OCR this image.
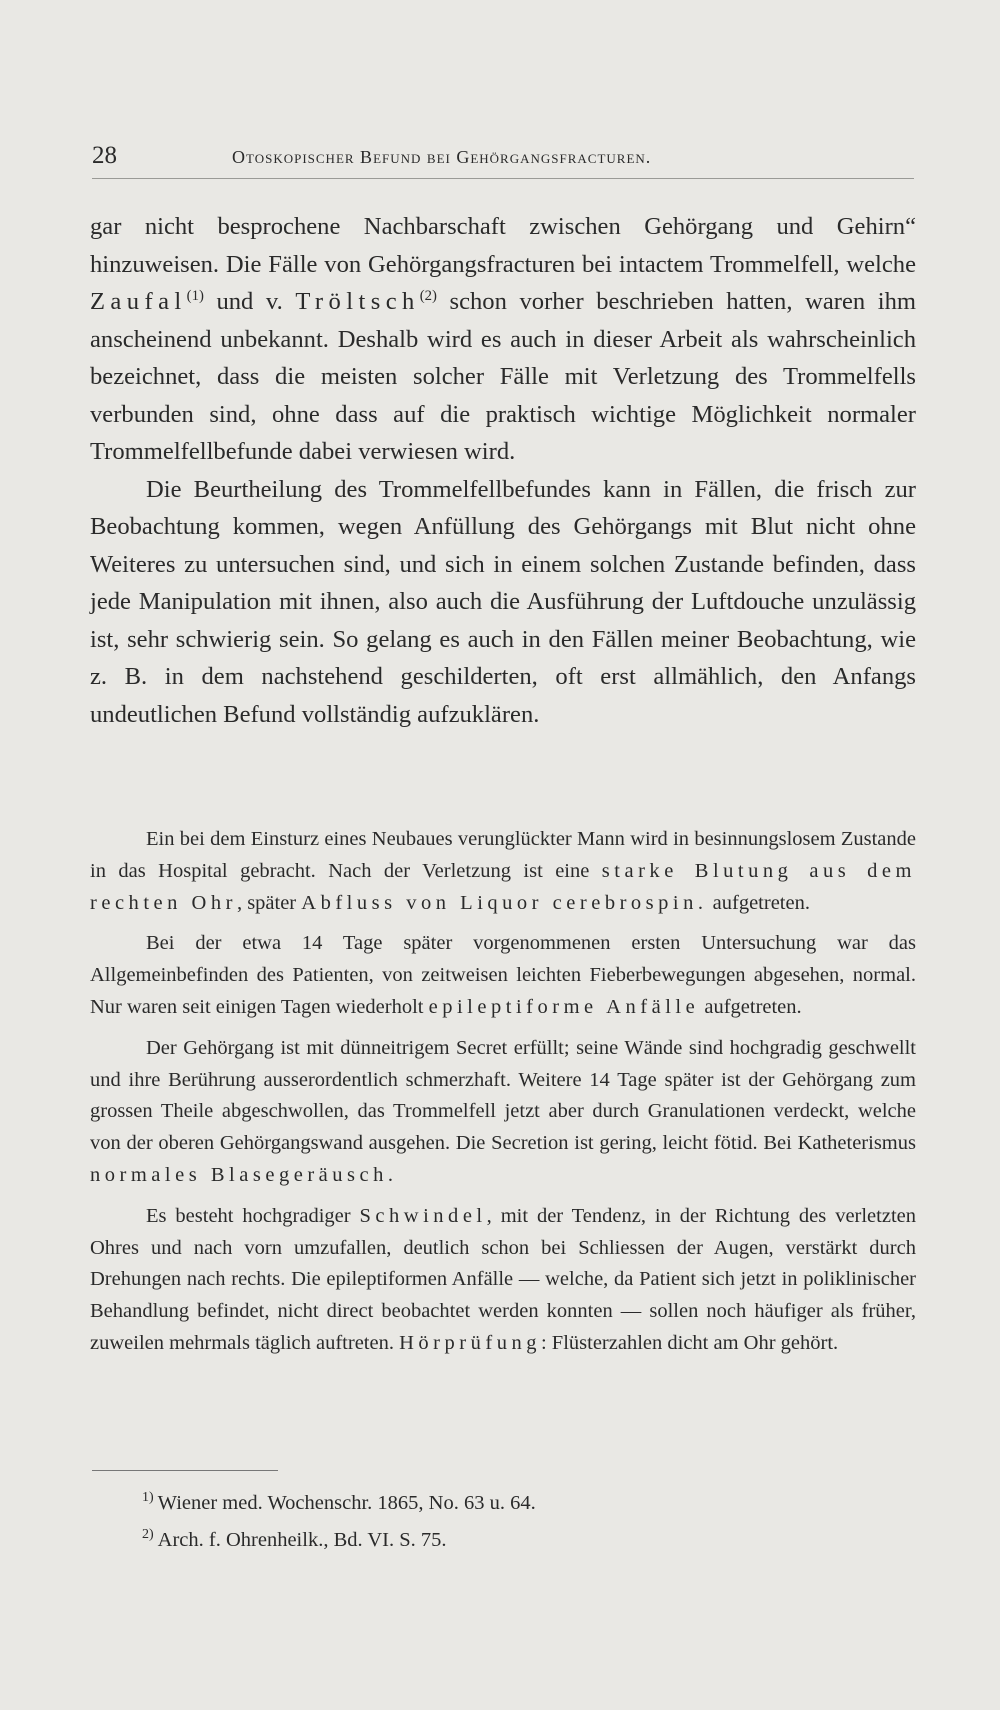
28	Otoskopischer Befund bei Gehörgangsfracturen.

gar nicht besprochene Nachbarschaft zwischen Gehörgang und Gehirn“ hinzuweisen. Die Fälle von Gehörgangsfracturen bei intactem Trommelfell, welche Zaufal$^{(1)}$ und v. Tröltsch$^{(2)}$ schon vorher beschrieben hatten, waren ihm anscheinend unbekannt. Deshalb wird es auch in dieser Arbeit als wahrscheinlich bezeichnet, dass die meisten solcher Fälle mit Verletzung des Trommelfells verbunden sind, ohne dass auf die praktisch wichtige Möglichkeit normaler Trommelfellbefunde dabei verwiesen wird.

Die Beurtheilung des Trommelfellbefundes kann in Fällen, die frisch zur Beobachtung kommen, wegen Anfüllung des Gehörgangs mit Blut nicht ohne Weiteres zu untersuchen sind, und sich in einem solchen Zustande befinden, dass jede Manipulation mit ihnen, also auch die Ausführung der Luftdouche unzulässig ist, sehr schwierig sein. So gelang es auch in den Fällen meiner Beobachtung, wie z. B. in dem nachstehend geschilderten, oft erst allmählich, den Anfangs undeutlichen Befund vollständig aufzuklären.

Ein bei dem Einsturz eines Neubaues verunglückter Mann wird in besinnungslosem Zustande in das Hospital gebracht. Nach der Verletzung ist eine starke Blutung aus dem rechten Ohr, später Abfluss von Liquor cerebrospin. aufgetreten.

Bei der etwa 14 Tage später vorgenommenen ersten Untersuchung war das Allgemeinbefinden des Patienten, von zeitweisen leichten Fieberbewegungen abgesehen, normal. Nur waren seit einigen Tagen wiederholt epileptiforme Anfälle aufgetreten.

Der Gehörgang ist mit dünneitrigem Secret erfüllt; seine Wände sind hochgradig geschwellt und ihre Berührung ausserordentlich schmerzhaft. Weitere 14 Tage später ist der Gehörgang zum grossen Theile abgeschwollen, das Trommelfell jetzt aber durch Granulationen verdeckt, welche von der oberen Gehörgangswand ausgehen. Die Secretion ist gering, leicht fötid. Bei Katheterismus normales Blasegeräusch.

Es besteht hochgradiger Schwindel, mit der Tendenz, in der Richtung des verletzten Ohres und nach vorn umzufallen, deutlich schon bei Schliessen der Augen, verstärkt durch Drehungen nach rechts. Die epileptiformen Anfälle — welche, da Patient sich jetzt in poliklinischer Behandlung befindet, nicht direct beobachtet werden konnten — sollen noch häufiger als früher, zuweilen mehrmals täglich auftreten. Hörprüfung: Flüsterzahlen dicht am Ohr gehört.

$^{1)}$ Wiener med. Wochenschr. 1865, No. 63 u. 64.
$^{2)}$ Arch. f. Ohrenheilk., Bd. VI. S. 75.
